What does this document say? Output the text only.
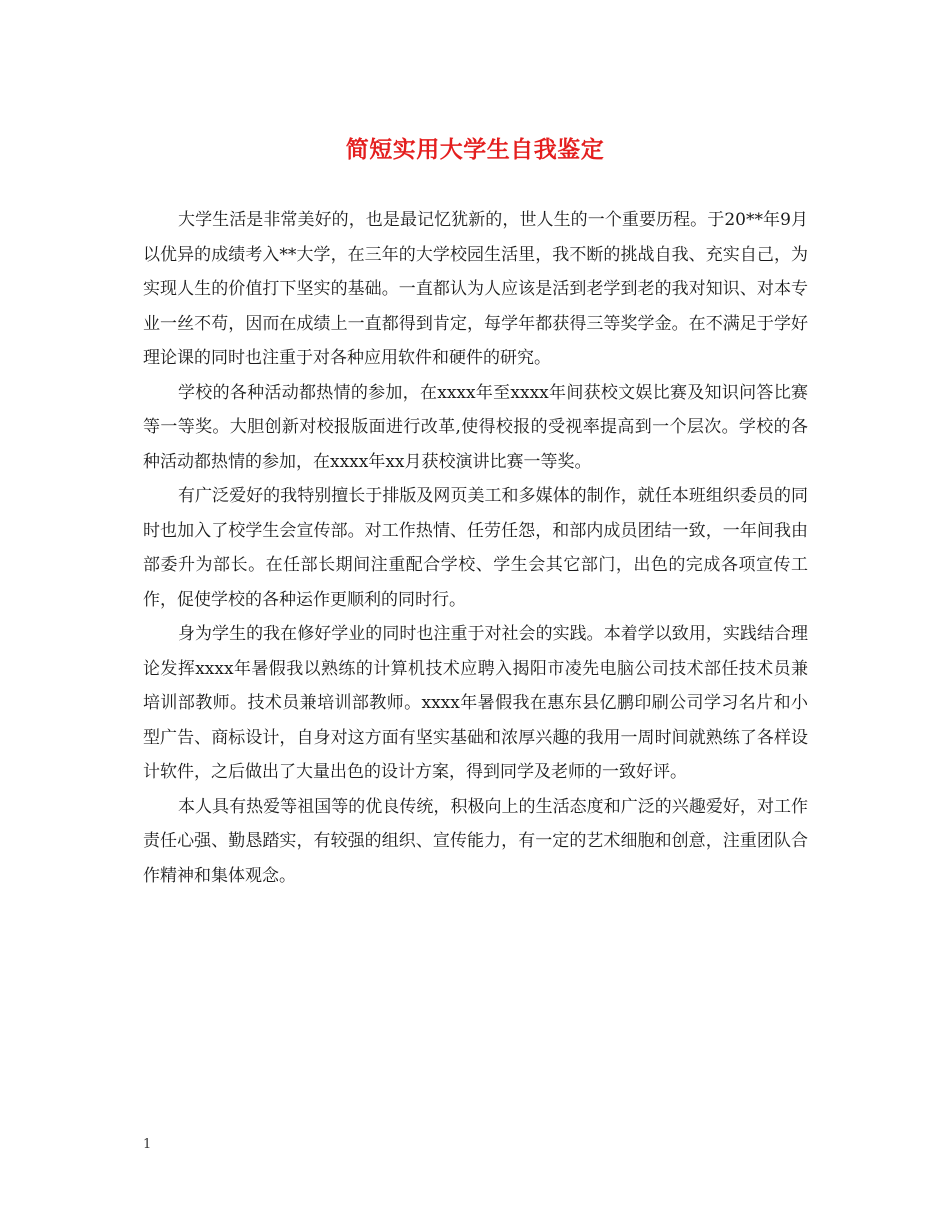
简短实用大学生自我鉴定

大学生活是非常美好的，也是最记忆犹新的，世人生的一个重要历程。于20**年9月以优异的成绩考入**大学，在三年的大学校园生活里，我不断的挑战自我、充实自己，为实现人生的价值打下坚实的基础。一直都认为人应该是活到老学到老的我对知识、对本专业一丝不苟，因而在成绩上一直都得到肯定，每学年都获得三等奖学金。在不满足于学好理论课的同时也注重于对各种应用软件和硬件的研究。

学校的各种活动都热情的参加，在xxxx年至xxxx年间获校文娱比赛及知识问答比赛等一等奖。大胆创新对校报版面进行改革,使得校报的受视率提高到一个层次。学校的各种活动都热情的参加，在xxxx年xx月获校演讲比赛一等奖。

有广泛爱好的我特别擅长于排版及网页美工和多媒体的制作，就任本班组织委员的同时也加入了校学生会宣传部。对工作热情、任劳任怨，和部内成员团结一致，一年间我由部委升为部长。在任部长期间注重配合学校、学生会其它部门，出色的完成各项宣传工作，促使学校的各种运作更顺利的同时行。

身为学生的我在修好学业的同时也注重于对社会的实践。本着学以致用，实践结合理论发挥xxxx年暑假我以熟练的计算机技术应聘入揭阳市凌先电脑公司技术部任技术员兼培训部教师。技术员兼培训部教师。xxxx年暑假我在惠东县亿鹏印刷公司学习名片和小型广告、商标设计，自身对这方面有坚实基础和浓厚兴趣的我用一周时间就熟练了各样设计软件，之后做出了大量出色的设计方案，得到同学及老师的一致好评。

本人具有热爱等祖国等的优良传统，积极向上的生活态度和广泛的兴趣爱好，对工作责任心强、勤恳踏实，有较强的组织、宣传能力，有一定的艺术细胞和创意，注重团队合作精神和集体观念。

1
